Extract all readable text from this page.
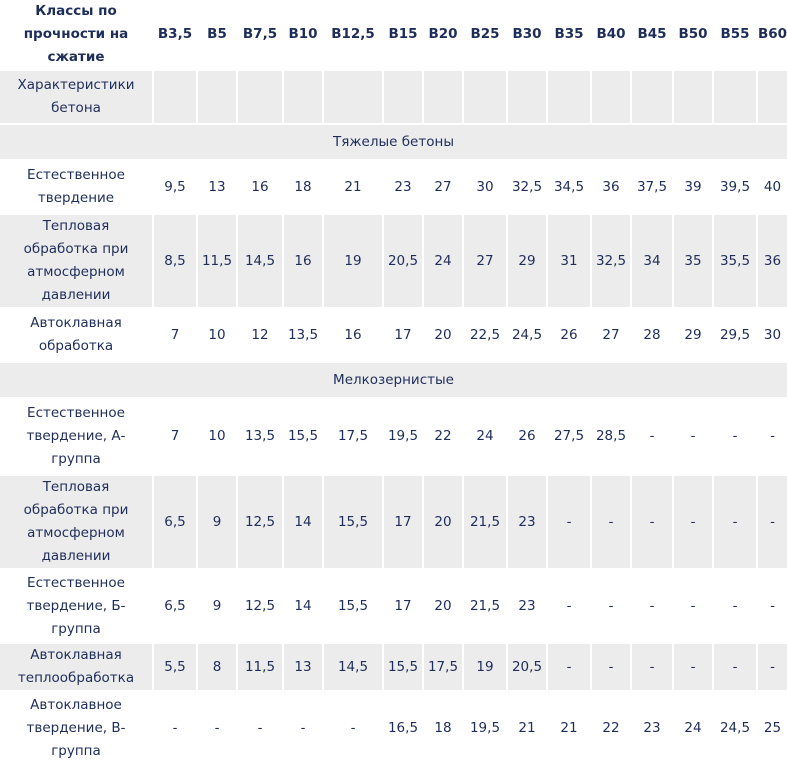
Классы по прочности на сжатие	B3,5	B5	B7,5	B10	B12,5	B15	B20	B25	B30	B35	B40	B45	B50	B55	B60
Характеристики бетона															
Тяжелые бетоны															
Естественное твердение	9,5	13	16	18	21	23	27	30	32,5	34,5	36	37,5	39	39,5	40
Тепловая обработка при атмосферном давлении	8,5	11,5	14,5	16	19	20,5	24	27	29	31	32,5	34	35	35,5	36
Автоклавная обработка	7	10	12	13,5	16	17	20	22,5	24,5	26	27	28	29	29,5	30
Мелкозернистые															
Естественное твердение, А-группа	7	10	13,5	15,5	17,5	19,5	22	24	26	27,5	28,5	-	-	-	-
Тепловая обработка при атмосферном давлении	6,5	9	12,5	14	15,5	17	20	21,5	23	-	-	-	-	-	-
Естественное твердение, Б-группа	6,5	9	12,5	14	15,5	17	20	21,5	23	-	-	-	-	-	-
Автоклавная теплообработка	5,5	8	11,5	13	14,5	15,5	17,5	19	20,5	-	-	-	-	-	-
Автоклавное твердение, В-группа	-	-	-	-	-	16,5	18	19,5	21	21	22	23	24	24,5	25
